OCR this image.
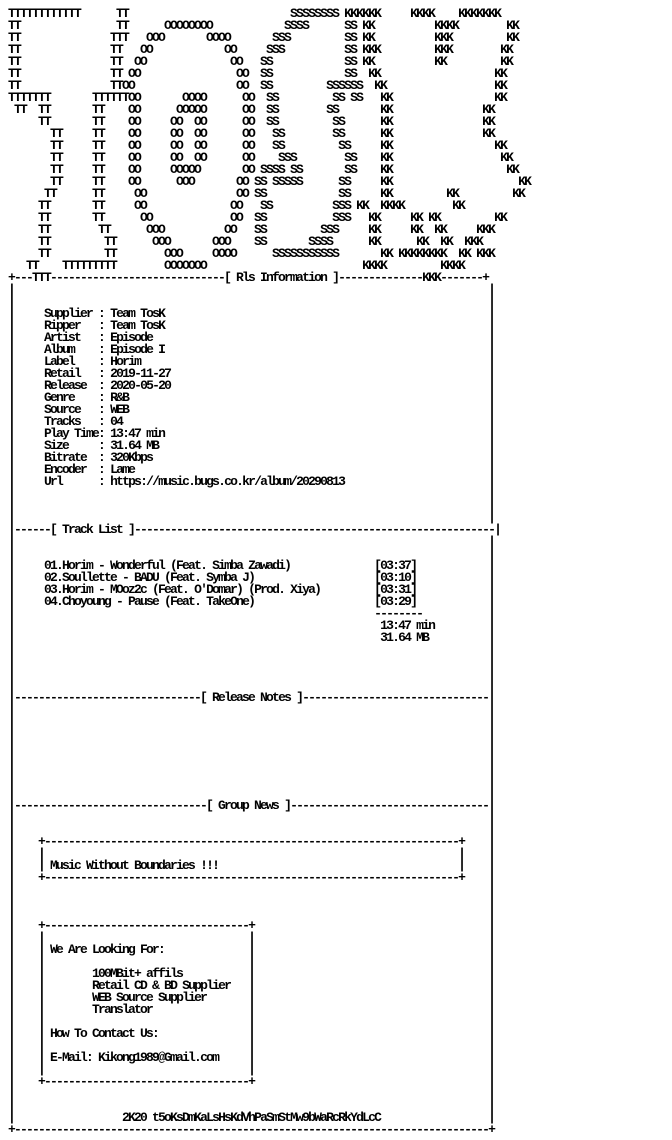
TTTTTTTTTTTT      TT                           SSSSSSSS KKKKKK     KKKK    KKKKKKK
TT                TT      OOOOOOOO            SSSS      SS KK          KKKK        KK
TT               TTT   OOO       OOOO       SSS         SS KK          KKK         KK
TT               TT   OO            OO     SSS          SS KKK         KKK        KK
TT               TT  OO              OO   SS            SS KK          KK         KK
TT               TT OO                OO  SS            SS  KK                   KK
TT               TTOO                 OO  SS         SSSSSS  KK                  KK
TTTTTTT       TTTTTTOO       OOOO      OO  SS         SS SS   KK                 KK
TT  TT       TT    OO      OOOOO      OO  SS        SS       KK               KK
TT       TT    OO     OO  OO      OO  SS         SS      KK               KK
TT     TT    OO     OO  OO      OO   SS        SS      KK               KK
TT     TT    OO     OO  OO      OO   SS         SS     KK                 KK
TT     TT    OO     OO  OO      OO    SSS        SS    KK                  KK
TT     TT    OO     OOOOO       OO SSSS SS       SS    KK                   KK
TT     TT    OO      OOO       OO SS SSSSS      SS     KK                     KK
TT      TT     OO               OO SS            SS     KK         KK         KK
TT       TT     OO              OO   SS          SSS KK  KKKK        KK
TT       TT      OO             OO  SS           SSS   KK     KK KK         KK
TT        TT      OOO          OO   SS         SSS     KK     KK  KK     KKK
TT         TT      OOO       OOO    SS       SSSS      KK      KK  KK  KKK
TT         TT        OOO     OOOO      SSSSSSSSSSS       KK KKKKKKKK  KK KKK
TT    TTTTTTTTT        OOOOOOO                          KKKK         KKKK
+---TTT-----------------------------[ Rls Information ]--------------KKK-------+
|	|
|	|
| Supplier : Team TosK	|
| Ripper   : Team TosK	|
| Artist   : Episode	|
| Album    : Episode I	|
| Label    : Horim	|
| Retail   : 2019-11-27	|
| Release  : 2020-05-20	|
| Genre    : R&B	|
| Source   : WEB	|
| Tracks   : 04	|
| Play Time: 13:47 min	|
| Size     : 31.64 MB	|
| Bitrate  : 320Kbps	|
| Encoder  : Lame	|
| Url      : https://music.bugs.co.kr/album/20290813	|
|	|
|	|
|	|
|------[ Track List ]------------------------------------------------------------|
|	|
|	|
| 01.Horim - Wonderful (Feat. Simba Zawadi)	[03:37]	|
| 02.Soullette - BADU (Feat. Symba J)	[03:10]	|
| 03.Horim - MOoz2c (Feat. O'Domar) (Prod. Xiya)	[03:31]	|
| 04.Choyoung - Pause (Feat. TakeOne)	[03:29]	|
|	--------	|
|	13:47 min	|
|	31.64 MB	|
|	|
|	|
|	|
|	|
|-------------------------------[ Release Notes ]-------------------------------|
|	|
|	|
|	|
|	|
|	|
|	|
|	|
|	|
|--------------------------------[ Group News ]---------------------------------|
|	|
|	|
|    +---------------------------------------------------------------------+ |
|    |                                                                     | |
|    | Music Without Boundaries !!!                                        | |
|    +---------------------------------------------------------------------+ |
|	|
|	|
|	|
|    +----------------------------------+	|
|    |                                  |	|
|    | We Are Looking For:              |	|
|    |                                  |	|
|    |        100MBit+ affils           |	|
|    |        Retail CD & BD Supplier   |	|
|    |        WEB Source Supplier       |	|
|    |        Translator                |	|
|    |                                  |	|
|    | How To Contact Us:               |	|
|    |                                  |	|
|    | E-Mail: Kikong1989@Gmail.com     |	|
|    |                                  |	|
|    +----------------------------------+	|
|	|
|	|
|	2K20 t5oKsDmKaLsHsKdVhPaSmStMw9bWaRcRkYdLcC	|
+-------------------------------------------------------------------------------+
